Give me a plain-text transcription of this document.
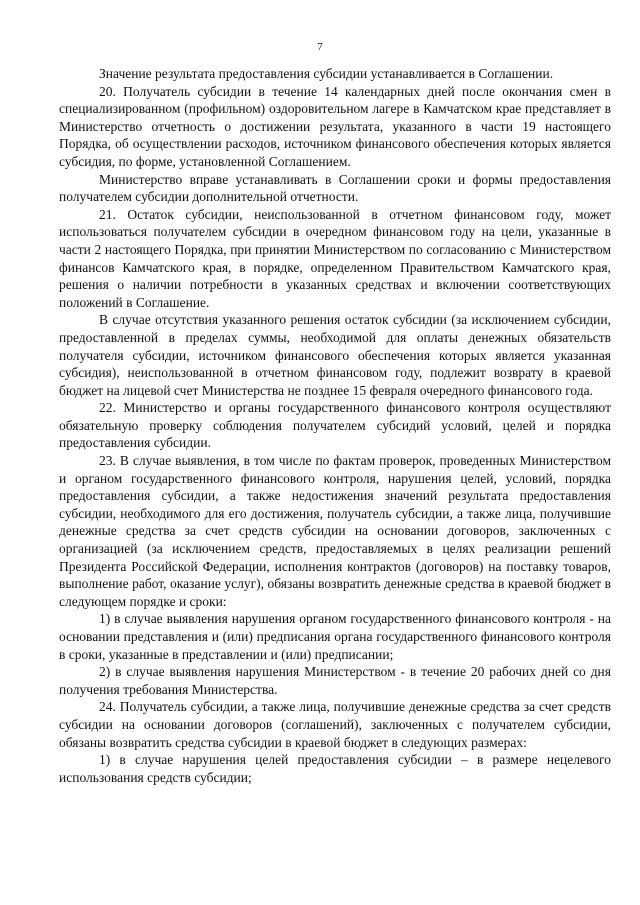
7

Значение результата предоставления субсидии устанавливается в Соглашении.

20. Получатель субсидии в течение 14 календарных дней после окончания смен в специализированном (профильном) оздоровительном лагере в Камчатском крае представляет в Министерство отчетность о достижении результата, указанного в части 19 настоящего Порядка, об осуществлении расходов, источником финансового обеспечения которых является субсидия, по форме, установленной Соглашением.

Министерство вправе устанавливать в Соглашении сроки и формы предоставления получателем субсидии дополнительной отчетности.

21. Остаток субсидии, неиспользованной в отчетном финансовом году, может использоваться получателем субсидии в очередном финансовом году на цели, указанные в части 2 настоящего Порядка, при принятии Министерством по согласованию с Министерством финансов Камчатского края, в порядке, определенном Правительством Камчатского края, решения о наличии потребности в указанных средствах и включении соответствующих положений в Соглашение.

В случае отсутствия указанного решения остаток субсидии (за исключением субсидии, предоставленной в пределах суммы, необходимой для оплаты денежных обязательств получателя субсидии, источником финансового обеспечения которых является указанная субсидия), неиспользованной в отчетном финансовом году, подлежит возврату в краевой бюджет на лицевой счет Министерства не позднее 15 февраля очередного финансового года.

22. Министерство и органы государственного финансового контроля осуществляют обязательную проверку соблюдения получателем субсидий условий, целей и порядка предоставления субсидии.

23. В случае выявления, в том числе по фактам проверок, проведенных Министерством и органом государственного финансового контроля, нарушения целей, условий, порядка предоставления субсидии, а также недостижения значений результата предоставления субсидии, необходимого для его достижения, получатель субсидии, а также лица, получившие денежные средства за счет средств субсидии на основании договоров, заключенных с организацией (за исключением средств, предоставляемых в целях реализации решений Президента Российской Федерации, исполнения контрактов (договоров) на поставку товаров, выполнение работ, оказание услуг), обязаны возвратить денежные средства в краевой бюджет в следующем порядке и сроки:

1) в случае выявления нарушения органом государственного финансового контроля - на основании представления и (или) предписания органа государственного финансового контроля в сроки, указанные в представлении и (или) предписании;

2) в случае выявления нарушения Министерством - в течение 20 рабочих дней со дня получения требования Министерства.

24. Получатель субсидии, а также лица, получившие денежные средства за счет средств субсидии на основании договоров (соглашений), заключенных с получателем субсидии, обязаны возвратить средства субсидии в краевой бюджет в следующих размерах:

1) в случае нарушения целей предоставления субсидии – в размере нецелевого использования средств субсидии;
